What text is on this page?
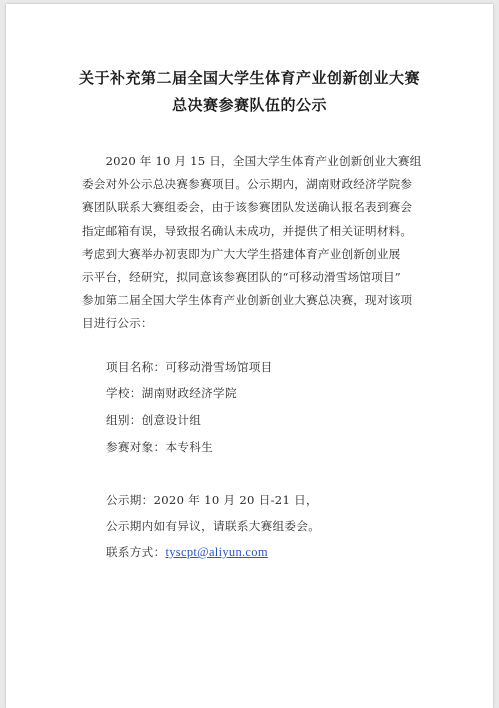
关于补充第二届全国大学生体育产业创新创业大赛
总决赛参赛队伍的公示

　　2020 年 10 月 15 日，全国大学生体育产业创新创业大赛组

委会对外公示总决赛参赛项目。公示期内，湖南财政经济学院参

赛团队联系大赛组委会，由于该参赛团队发送确认报名表到赛会

指定邮箱有误，导致报名确认未成功，并提供了相关证明材料。

考虑到大赛举办初衷即为广大大学生搭建体育产业创新创业展

示平台，经研究，拟同意该参赛团队的“可移动滑雪场馆项目”

参加第二届全国大学生体育产业创新创业大赛总决赛，现对该项

目进行公示：

项目名称：可移动滑雪场馆项目
学校：湖南财政经济学院
组别：创意设计组
参赛对象：本专科生
公示期：2020 年 10 月 20 日-21 日，
公示期内如有异议，请联系大赛组委会。
联系方式：tyscpt@aliyun.com
